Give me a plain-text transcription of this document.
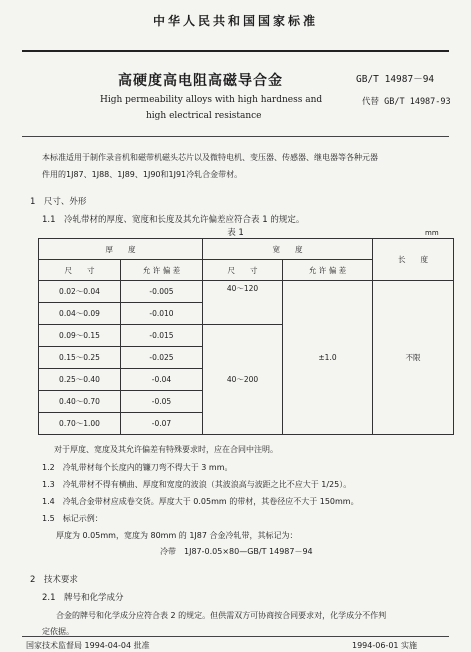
中华人民共和国国家标准
高硬度高电阻高磁导合金	GB/T 14987－94
High permeability alloys with high hardness and	代替 GB/T 14987-93
high electrical resistance
本标准适用于制作录音机和磁带机磁头芯片以及微特电机、变压器、传感器、继电器等各种元器
件用的1J87、1J88、1J89、1J90和1J91冷轧合金带材。
1　尺寸、外形
1.1　冷轧带材的厚度、宽度和长度及其允许偏差应符合表 1 的规定。
表 1	mm
厚　　度		宽　　度		长　　度
尺　　寸	允 许 偏 差	尺　　寸	允 许 偏 差	
0.02～0.04	-0.005	40～120	±1.0	不限
0.04～0.09	-0.010			
0.09～0.15	-0.015	40～200		
0.15～0.25	-0.025			
0.25～0.40	-0.04			
0.40～0.70	-0.05			
0.70～1.00	-0.07			
对于厚度、宽度及其允许偏差有特殊要求时，应在合同中注明。
1.2　冷轧带材每个长度内的镰刀弯不得大于 3 mm。
1.3　冷轧带材不得有横曲、厚度和宽度的波浪（其波浪高与波距之比不应大于 1/25）。
1.4　冷轧合金带材应成卷交货。厚度大于 0.05mm 的带材，其卷径应不大于 150mm。
1.5　标记示例：
厚度为 0.05mm，宽度为 80mm 的 1J87 合金冷轧带，其标记为：
冷带　1J87-0.05×80—GB/T 14987－94
2　技术要求
2.1　牌号和化学成分
合金的牌号和化学成分应符合表 2 的规定。但供需双方可协商按合同要求对，化学成分不作判
定依据。
国家技术监督局 1994-04-04 批准	1994-06-01 实施
